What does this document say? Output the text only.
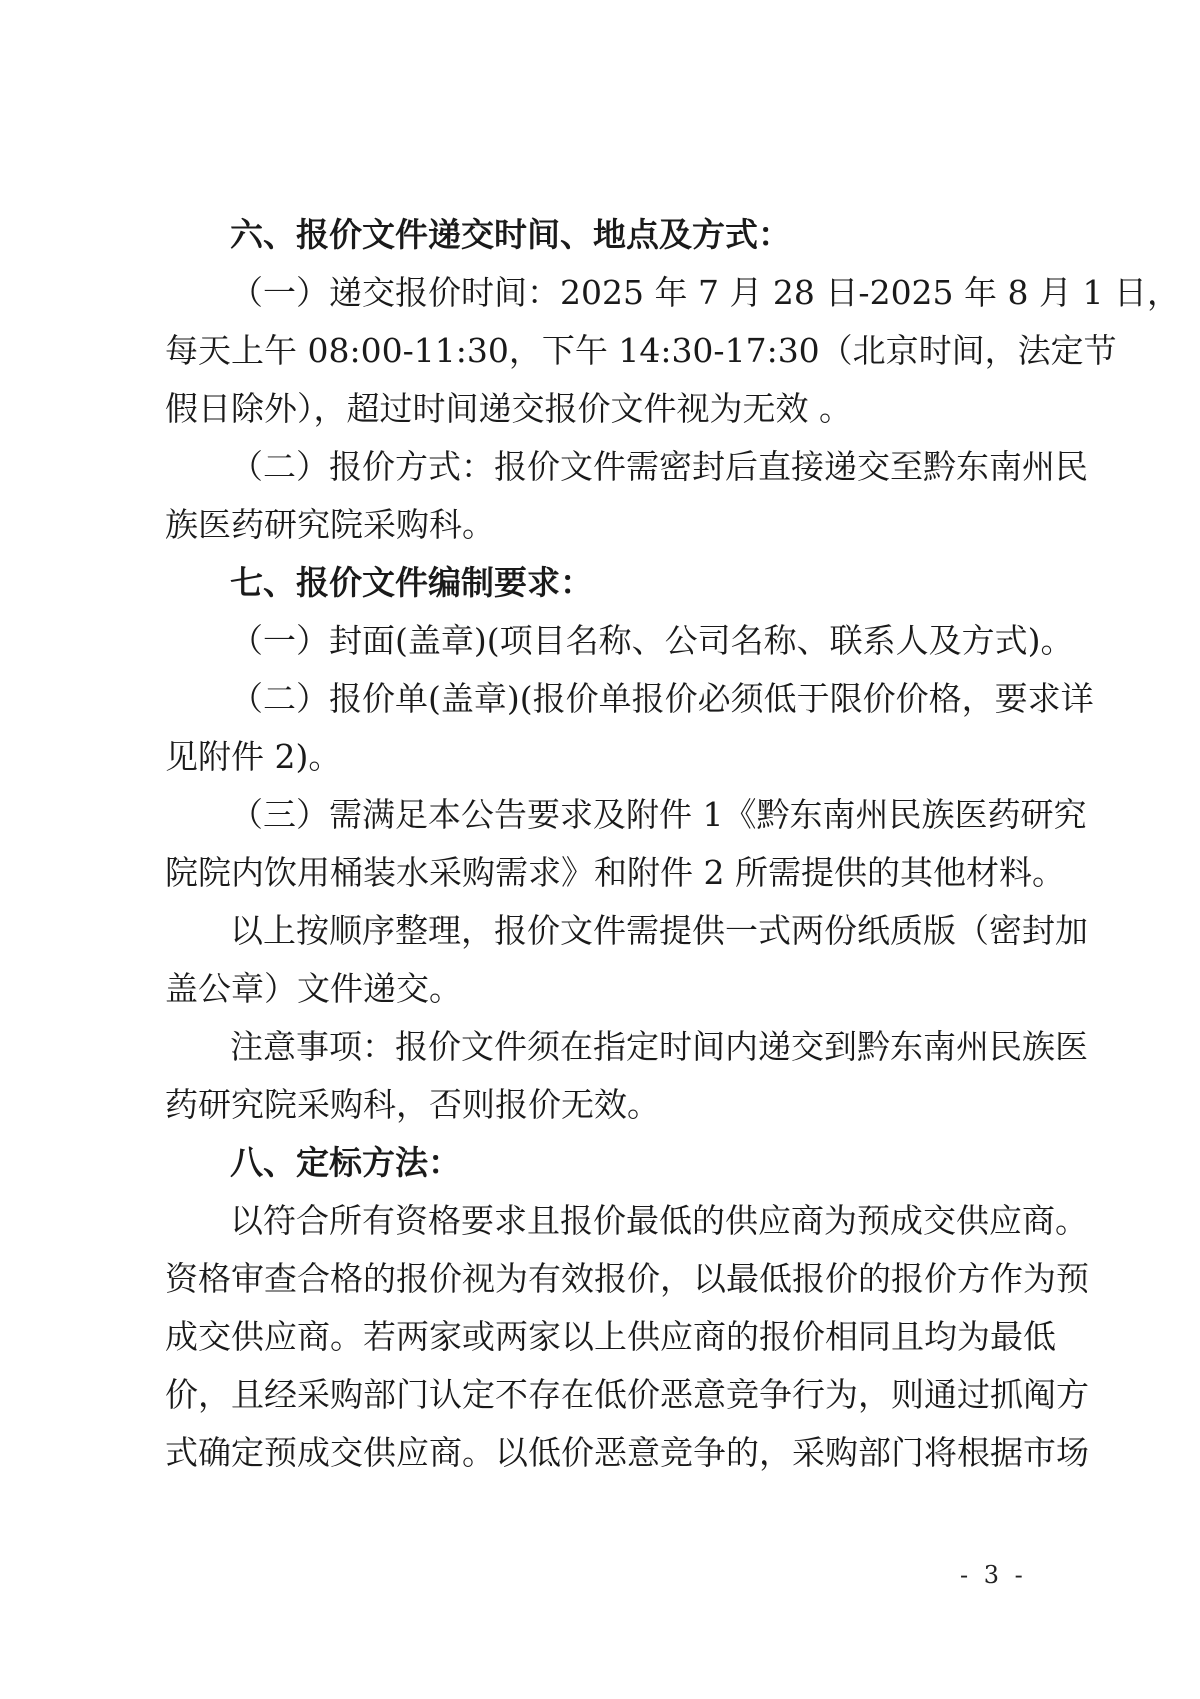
六、报价文件递交时间、地点及方式：
（一）递交报价时间：2025 年 7 月 28 日-2025 年 8 月 1 日，
每天上午 08:00-11:30，下午 14:30-17:30（北京时间，法定节
假日除外），超过时间递交报价文件视为无效 。
（二）报价方式：报价文件需密封后直接递交至黔东南州民
族医药研究院采购科。
七、报价文件编制要求：
（一）封面(盖章)(项目名称、公司名称、联系人及方式)。
（二）报价单(盖章)(报价单报价必须低于限价价格，要求详
见附件 2)。
（三）需满足本公告要求及附件 1《黔东南州民族医药研究
院院内饮用桶装水采购需求》和附件 2 所需提供的其他材料。
以上按顺序整理，报价文件需提供一式两份纸质版（密封加
盖公章）文件递交。
注意事项：报价文件须在指定时间内递交到黔东南州民族医
药研究院采购科，否则报价无效。
八、定标方法：
以符合所有资格要求且报价最低的供应商为预成交供应商。
资格审查合格的报价视为有效报价，以最低报价的报价方作为预
成交供应商。若两家或两家以上供应商的报价相同且均为最低
价，且经采购部门认定不存在低价恶意竞争行为，则通过抓阄方
式确定预成交供应商。以低价恶意竞争的，采购部门将根据市场
- 3 -
